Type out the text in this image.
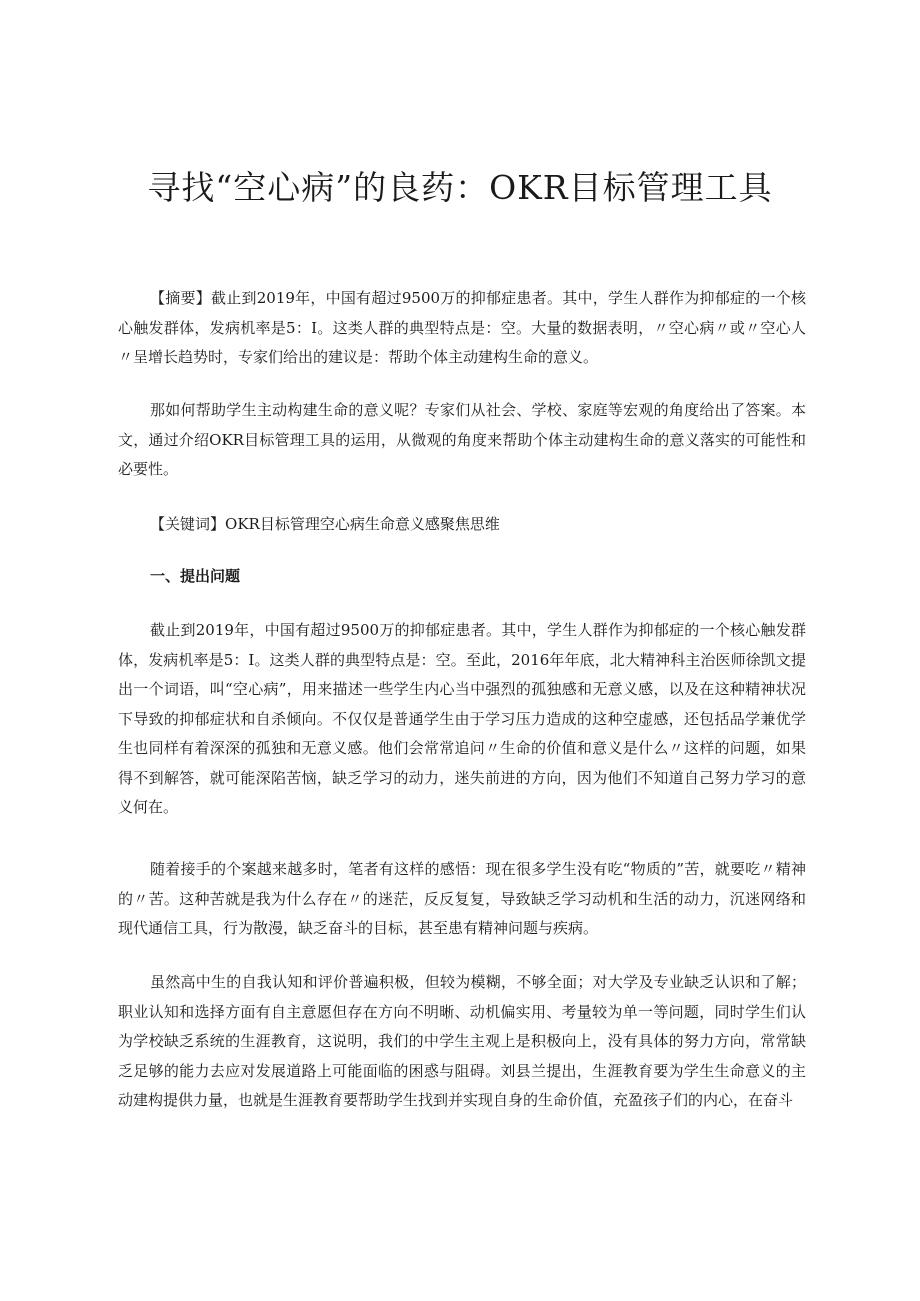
寻找“空心病”的良药：OKR目标管理工具

【摘要】截止到2019年，中国有超过9500万的抑郁症患者。其中，学生人群作为抑郁症的一个核心触发群体，发病机率是5：I。这类人群的典型特点是：空。大量的数据表明，〃空心病〃或〃空心人〃呈增长趋势时，专家们给出的建议是：帮助个体主动建构生命的意义。

那如何帮助学生主动构建生命的意义呢？专家们从社会、学校、家庭等宏观的角度给出了答案。本文，通过介绍OKR目标管理工具的运用，从微观的角度来帮助个体主动建构生命的意义落实的可能性和必要性。

【关键词】OKR目标管理空心病生命意义感聚焦思维

一、提出问题

截止到2019年，中国有超过9500万的抑郁症患者。其中，学生人群作为抑郁症的一个核心触发群体，发病机率是5：I。这类人群的典型特点是：空。至此，2016年年底，北大精神科主治医师徐凯文提出一个词语，叫“空心病”，用来描述一些学生内心当中强烈的孤独感和无意义感，以及在这种精神状况下导致的抑郁症状和自杀倾向。不仅仅是普通学生由于学习压力造成的这种空虚感，还包括品学兼优学生也同样有着深深的孤独和无意义感。他们会常常追问〃生命的价值和意义是什么〃这样的问题，如果得不到解答，就可能深陷苦恼，缺乏学习的动力，迷失前进的方向，因为他们不知道自己努力学习的意义何在。

随着接手的个案越来越多时，笔者有这样的感悟：现在很多学生没有吃“物质的”苦，就要吃〃精神的〃苦。这种苦就是我为什么存在〃的迷茫，反反复复，导致缺乏学习动机和生活的动力，沉迷网络和现代通信工具，行为散漫，缺乏奋斗的目标，甚至患有精神问题与疾病。

虽然高中生的自我认知和评价普遍积极，但较为模糊，不够全面；对大学及专业缺乏认识和了解；职业认知和选择方面有自主意愿但存在方向不明晰、动机偏实用、考量较为单一等问题，同时学生们认为学校缺乏系统的生涯教育，这说明，我们的中学生主观上是积极向上，没有具体的努力方向，常常缺乏足够的能力去应对发展道路上可能面临的困惑与阻碍。刘县兰提出，生涯教育要为学生生命意义的主动建构提供力量，也就是生涯教育要帮助学生找到并实现自身的生命价值，充盈孩子们的内心，在奋斗
